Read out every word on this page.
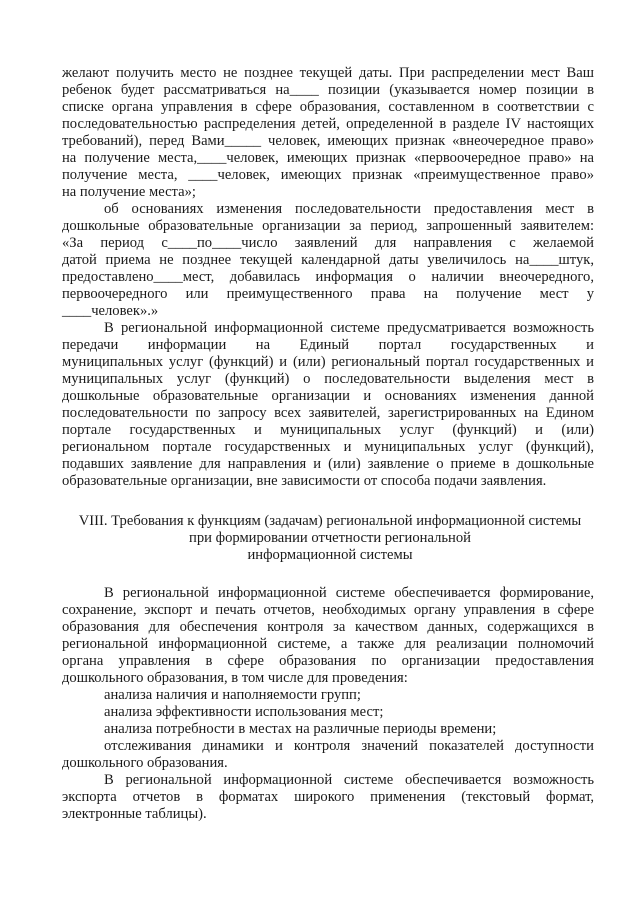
желают получить место не позднее текущей даты. При распределении мест Ваш
ребенок будет рассматриваться на____ позиции (указывается номер позиции в
списке органа управления в сфере образования, составленном в соответствии с
последовательностью распределения детей, определенной в разделе IV настоящих
требований), перед Вами_____ человек, имеющих признак «внеочередное право»
на получение места,____человек, имеющих признак «первоочередное право» на
получение места, ____человек, имеющих признак «преимущественное право»
на получение места»;
об основаниях изменения последовательности предоставления мест в
дошкольные образовательные организации за период, запрошенный заявителем:
«За период с____по____число заявлений для направления с желаемой
датой приема не позднее текущей календарной даты увеличилось на____штук,
предоставлено____мест, добавилась информация о наличии внеочередного,
первоочередного или преимущественного права на получение мест у
____человек».»
В региональной информационной системе предусматривается возможность
передачи информации на Единый портал государственных и
муниципальных услуг (функций) и (или) региональный портал государственных и
муниципальных услуг (функций) о последовательности выделения мест в
дошкольные образовательные организации и основаниях изменения данной
последовательности по запросу всех заявителей, зарегистрированных на Едином
портале государственных и муниципальных услуг (функций) и (или)
региональном портале государственных и муниципальных услуг (функций),
подавших заявление для направления и (или) заявление о приеме в дошкольные
образовательные организации, вне зависимости от способа подачи заявления.
VIII. Требования к функциям (задачам) региональной информационной системы
при формировании отчетности региональной
информационной системы
В региональной информационной системе обеспечивается формирование,
сохранение, экспорт и печать отчетов, необходимых органу управления в сфере
образования для обеспечения контроля за качеством данных, содержащихся в
региональной информационной системе, а также для реализации полномочий
органа управления в сфере образования по организации предоставления
дошкольного образования, в том числе для проведения:
анализа наличия и наполняемости групп;
анализа эффективности использования мест;
анализа потребности в местах на различные периоды времени;
отслеживания динамики и контроля значений показателей доступности
дошкольного образования.
В региональной информационной системе обеспечивается возможность
экспорта отчетов в форматах широкого применения (текстовый формат,
электронные таблицы).
